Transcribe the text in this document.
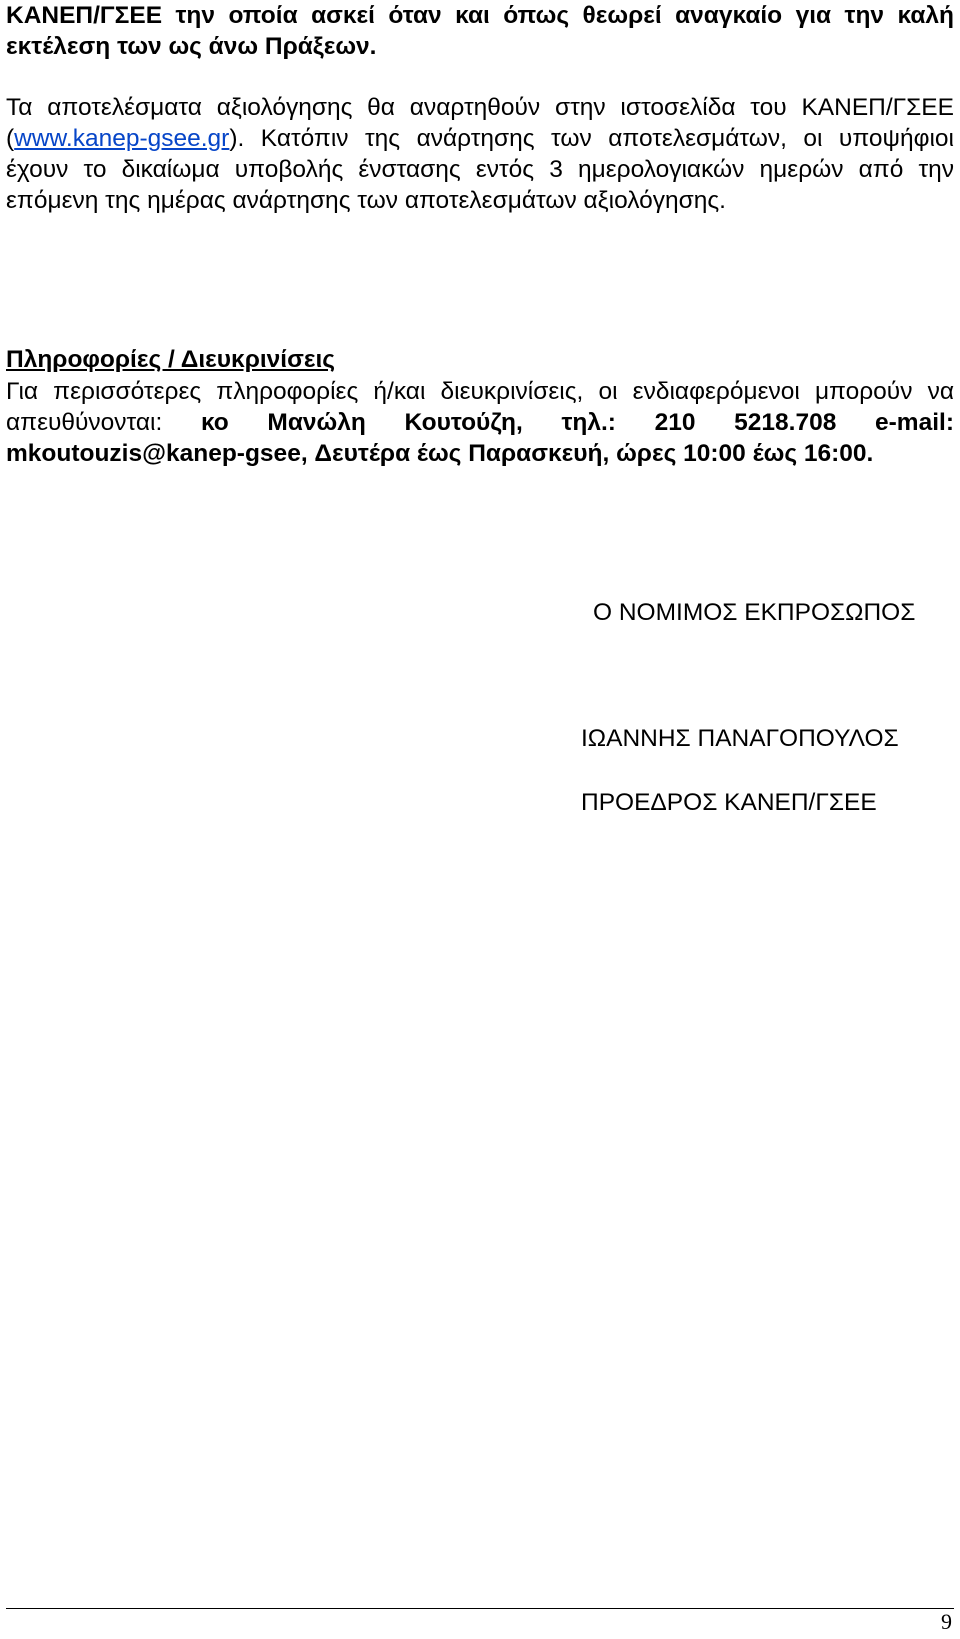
ΚΑΝΕΠ/ΓΣΕΕ την οποία ασκεί όταν και όπως θεωρεί αναγκαίο για την καλή εκτέλεση των ως άνω Πράξεων.
Τα αποτελέσματα αξιολόγησης θα αναρτηθούν στην ιστοσελίδα του ΚΑΝΕΠ/ΓΣΕΕ (www.kanep-gsee.gr). Κατόπιν της ανάρτησης των αποτελεσμάτων, οι υποψήφιοι έχουν το δικαίωμα υποβολής ένστασης εντός 3 ημερολογιακών ημερών από την επόμενη της ημέρας ανάρτησης των αποτελεσμάτων αξιολόγησης.
Πληροφορίες / Διευκρινίσεις
Για περισσότερες πληροφορίες ή/και διευκρινίσεις, οι ενδιαφερόμενοι μπορούν να απευθύνονται: κο Μανώλη Κουτούζη, τηλ.: 210 5218.708 e-mail: mkoutouzis@kanep-gsee, Δευτέρα έως Παρασκευή, ώρες 10:00 έως 16:00.
Ο ΝΟΜΙΜΟΣ ΕΚΠΡΟΣΩΠΟΣ
ΙΩΑΝΝΗΣ ΠΑΝΑΓΟΠΟΥΛΟΣ
ΠΡΟΕΔΡΟΣ ΚΑΝΕΠ/ΓΣΕΕ
9
